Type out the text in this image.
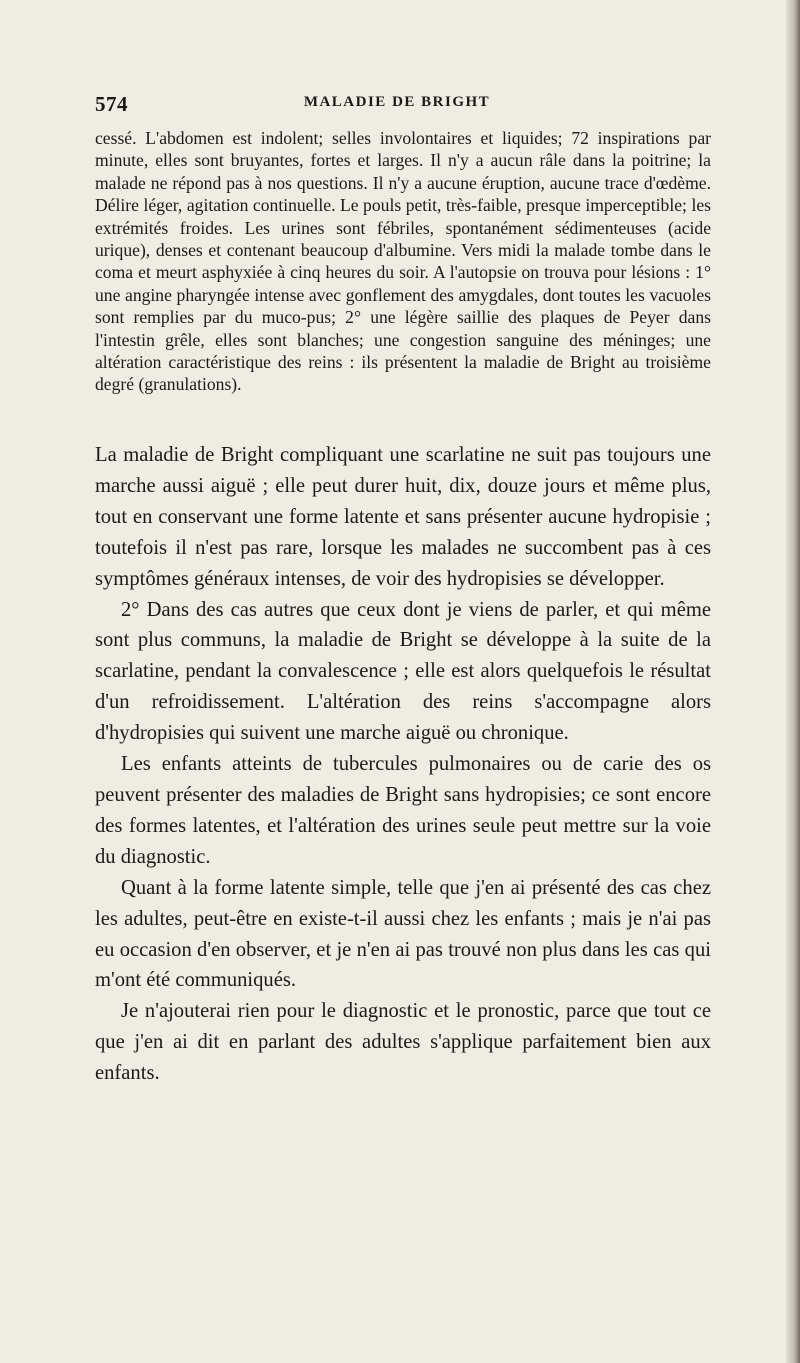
574	MALADIE DE BRIGHT

cessé. L'abdomen est indolent; selles involontaires et liquides; 72 inspirations par minute, elles sont bruyantes, fortes et larges. Il n'y a aucun râle dans la poitrine; la malade ne répond pas à nos questions. Il n'y a aucune éruption, aucune trace d'œdème. Délire léger, agitation continuelle. Le pouls petit, très-faible, presque imperceptible; les extrémités froides. Les urines sont fébriles, spontanément sédimenteuses (acide urique), denses et contenant beaucoup d'albumine. Vers midi la malade tombe dans le coma et meurt asphyxiée à cinq heures du soir. A l'autopsie on trouva pour lésions : 1° une angine pharyngée intense avec gonflement des amygdales, dont toutes les vacuoles sont remplies par du muco-pus; 2° une légère saillie des plaques de Peyer dans l'intestin grêle, elles sont blanches; une congestion sanguine des méninges; une altération caractéristique des reins : ils présentent la maladie de Bright au troisième degré (granulations).

La maladie de Bright compliquant une scarlatine ne suit pas toujours une marche aussi aiguë ; elle peut durer huit, dix, douze jours et même plus, tout en conservant une forme latente et sans présenter aucune hydropisie ; toutefois il n'est pas rare, lorsque les malades ne succombent pas à ces symptômes généraux intenses, de voir des hydropisies se développer.

2° Dans des cas autres que ceux dont je viens de parler, et qui même sont plus communs, la maladie de Bright se développe à la suite de la scarlatine, pendant la convalescence ; elle est alors quelquefois le résultat d'un refroidissement. L'altération des reins s'accompagne alors d'hydropisies qui suivent une marche aiguë ou chronique.

Les enfants atteints de tubercules pulmonaires ou de carie des os peuvent présenter des maladies de Bright sans hydropisies; ce sont encore des formes latentes, et l'altération des urines seule peut mettre sur la voie du diagnostic.

Quant à la forme latente simple, telle que j'en ai présenté des cas chez les adultes, peut-être en existe-t-il aussi chez les enfants ; mais je n'ai pas eu occasion d'en observer, et je n'en ai pas trouvé non plus dans les cas qui m'ont été communiqués.

Je n'ajouterai rien pour le diagnostic et le pronostic, parce que tout ce que j'en ai dit en parlant des adultes s'applique parfaitement bien aux enfants.
